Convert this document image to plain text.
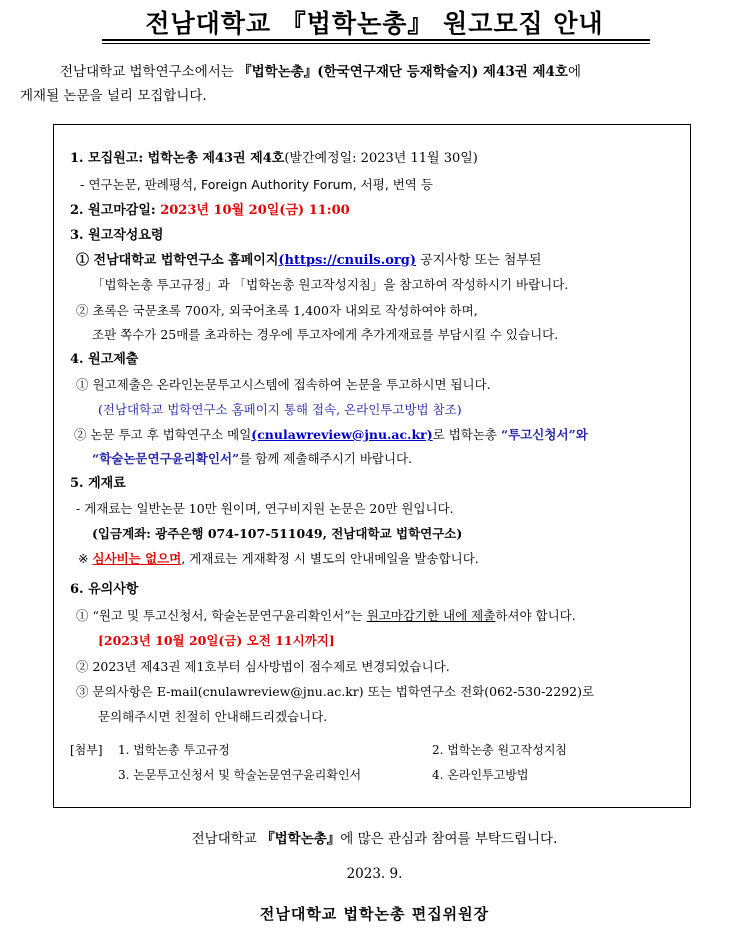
전남대학교 『법학논총』 원고모집 안내
전남대학교 법학연구소에서는 『법학논총』(한국연구재단 등재학술지) 제43권 제4호에
게재될 논문을 널리 모집합니다.
1. 모집원고: 법학논총 제43권 제4호(발간예정일: 2023년 11월 30일)
- 연구논문, 판례평석, Foreign Authority Forum, 서평, 번역 등
2. 원고마감일: 2023년 10월 20일(금) 11:00
3. 원고작성요령
① 전남대학교 법학연구소 홈페이지(https://cnuils.org) 공지사항 또는 첨부된
「법학논총 투고규정」과 「법학논총 원고작성지침」을 참고하여 작성하시기 바랍니다.
② 초록은 국문초록 700자, 외국어초록 1,400자 내외로 작성하여야 하며,
조판 쪽수가 25매를 초과하는 경우에 투고자에게 추가게재료를 부담시킬 수 있습니다.
4. 원고제출
① 원고제출은 온라인논문투고시스템에 접속하여 논문을 투고하시면 됩니다.
(전남대학교 법학연구소 홈페이지 통해 접속, 온라인투고방법 참조)
② 논문 투고 후 법학연구소 메일(cnulawreview@jnu.ac.kr)로 법학논총 “투고신청서”와
“학술논문연구윤리확인서”를 함께 제출해주시기 바랍니다.
5. 게재료
- 게재료는 일반논문 10만 원이며, 연구비지원 논문은 20만 원입니다.
(입금계좌: 광주은행 074-107-511049, 전남대학교 법학연구소)
※ 심사비는 없으며, 게재료는 게재확정 시 별도의 안내메일을 발송합니다.
6. 유의사항
① “원고 및 투고신청서, 학술논문연구윤리확인서”는 원고마감기한 내에 제출하셔야 합니다.
[2023년 10월 20일(금) 오전 11시까지]
② 2023년 제43권 제1호부터 심사방법이 점수제로 변경되었습니다.
③ 문의사항은 E-mail(cnulawreview@jnu.ac.kr) 또는 법학연구소 전화(062-530-2292)로
문의해주시면 친절히 안내해드리겠습니다.
[첨부] 1. 법학논총 투고규정	2. 법학논총 원고작성지침
3. 논문투고신청서 및 학술논문연구윤리확인서	4. 온라인투고방법
전남대학교 『법학논총』에 많은 관심과 참여를 부탁드립니다.
2023. 9.
전남대학교 법학논총 편집위원장
